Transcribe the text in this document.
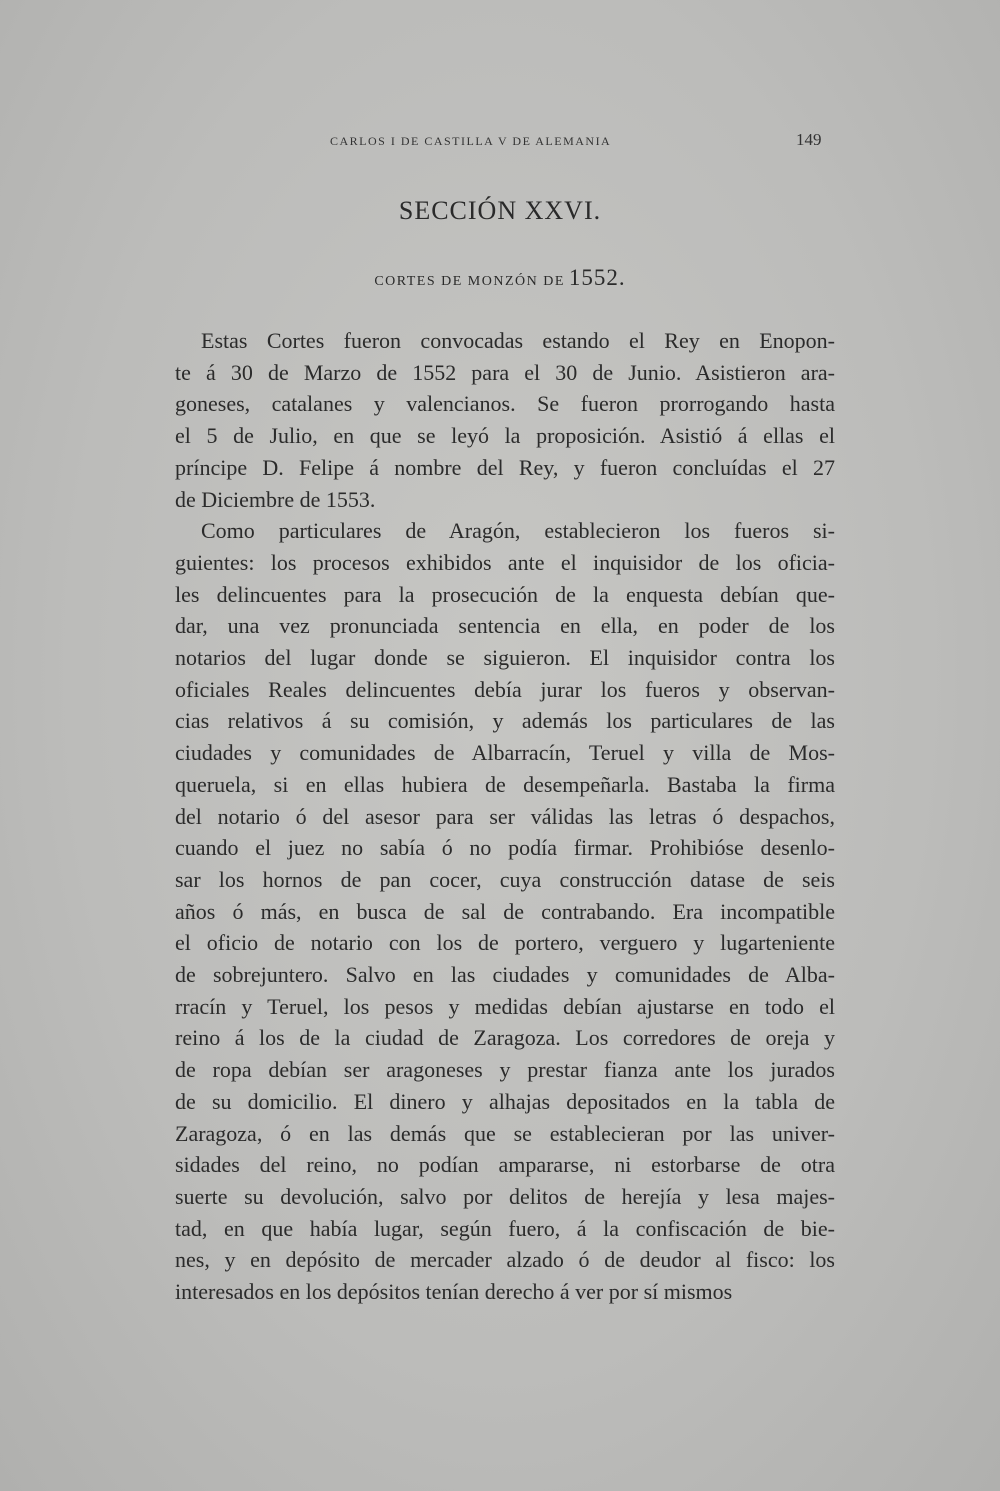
CARLOS I DE CASTILLA V DE ALEMANIA	149
SECCIÓN XXVI.
CORTES DE MONZÓN DE 1552.
Estas Cortes fueron convocadas estando el Rey en Enopon-
te á 30 de Marzo de 1552 para el 30 de Junio. Asistieron ara-
goneses, catalanes y valencianos. Se fueron prorrogando hasta
el 5 de Julio, en que se leyó la proposición. Asistió á ellas el
príncipe D. Felipe á nombre del Rey, y fueron concluídas el 27
de Diciembre de 1553.
Como particulares de Aragón, establecieron los fueros si-
guientes: los procesos exhibidos ante el inquisidor de los oficia-
les delincuentes para la prosecución de la enquesta debían que-
dar, una vez pronunciada sentencia en ella, en poder de los
notarios del lugar donde se siguieron. El inquisidor contra los
oficiales Reales delincuentes debía jurar los fueros y observan-
cias relativos á su comisión, y además los particulares de las
ciudades y comunidades de Albarracín, Teruel y villa de Mos-
queruela, si en ellas hubiera de desempeñarla. Bastaba la firma
del notario ó del asesor para ser válidas las letras ó despachos,
cuando el juez no sabía ó no podía firmar. Prohibióse desenlo-
sar los hornos de pan cocer, cuya construcción datase de seis
años ó más, en busca de sal de contrabando. Era incompatible
el oficio de notario con los de portero, verguero y lugarteniente
de sobrejuntero. Salvo en las ciudades y comunidades de Alba-
rracín y Teruel, los pesos y medidas debían ajustarse en todo el
reino á los de la ciudad de Zaragoza. Los corredores de oreja y
de ropa debían ser aragoneses y prestar fianza ante los jurados
de su domicilio. El dinero y alhajas depositados en la tabla de
Zaragoza, ó en las demás que se establecieran por las univer-
sidades del reino, no podían ampararse, ni estorbarse de otra
suerte su devolución, salvo por delitos de herejía y lesa majes-
tad, en que había lugar, según fuero, á la confiscación de bie-
nes, y en depósito de mercader alzado ó de deudor al fisco: los
interesados en los depósitos tenían derecho á ver por sí mismos
